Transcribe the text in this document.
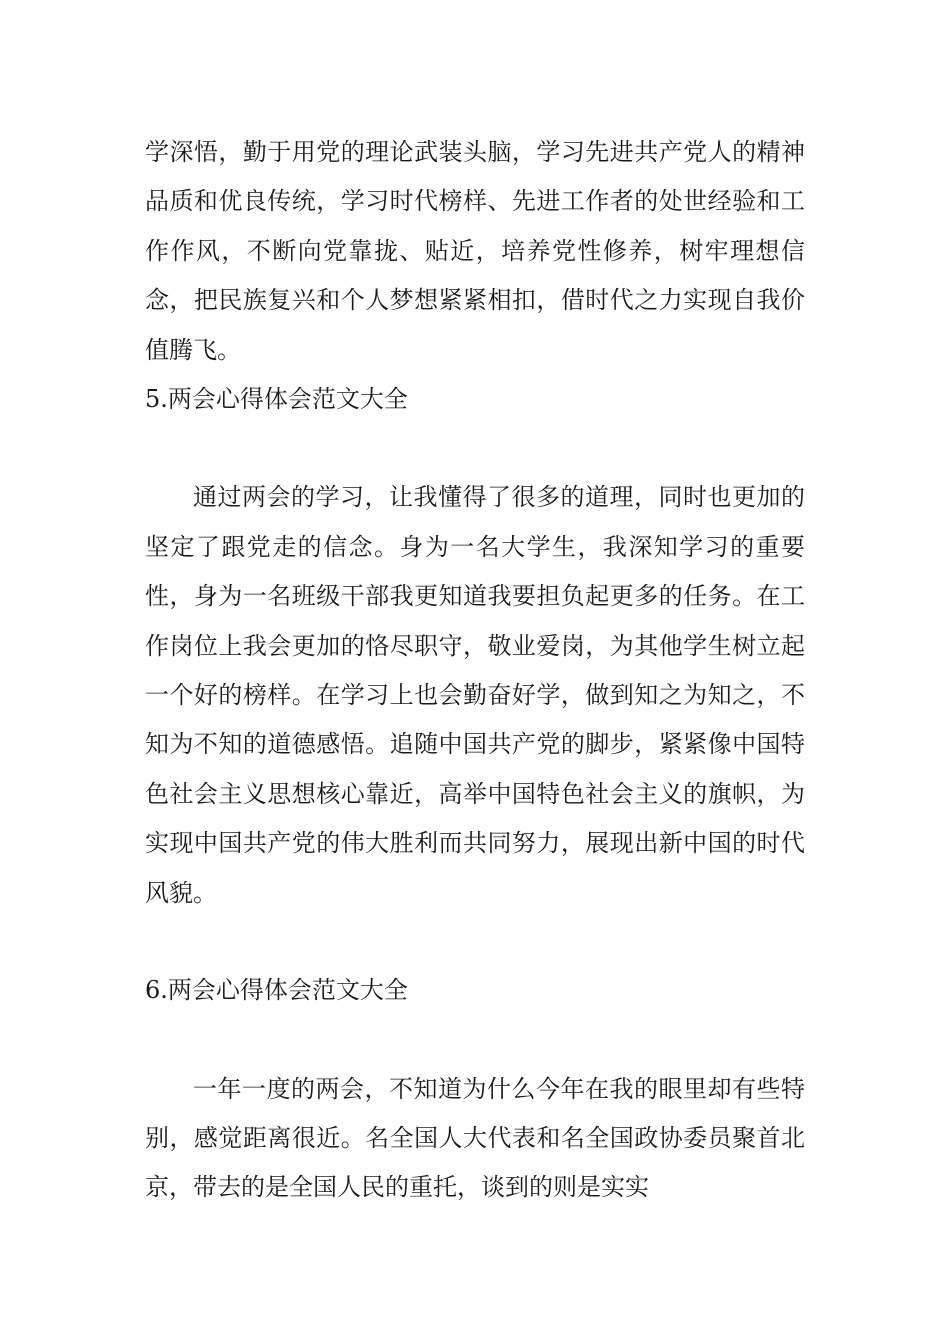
学深悟，勤于用党的理论武装头脑，学习先进共产党人的精神品质和优良传统，学习时代榜样、先进工作者的处世经验和工作作风，不断向党靠拢、贴近，培养党性修养，树牢理想信念，把民族复兴和个人梦想紧紧相扣，借时代之力实现自我价值腾飞。

5.两会心得体会范文大全

通过两会的学习，让我懂得了很多的道理，同时也更加的坚定了跟党走的信念。身为一名大学生，我深知学习的重要性，身为一名班级干部我更知道我要担负起更多的任务。在工作岗位上我会更加的恪尽职守，敬业爱岗，为其他学生树立起一个好的榜样。在学习上也会勤奋好学，做到知之为知之，不知为不知的道德感悟。追随中国共产党的脚步，紧紧像中国特色社会主义思想核心靠近，高举中国特色社会主义的旗帜，为实现中国共产党的伟大胜利而共同努力，展现出新中国的时代风貌。

6.两会心得体会范文大全

一年一度的两会，不知道为什么今年在我的眼里却有些特别，感觉距离很近。名全国人大代表和名全国政协委员聚首北京，带去的是全国人民的重托，谈到的则是实实
